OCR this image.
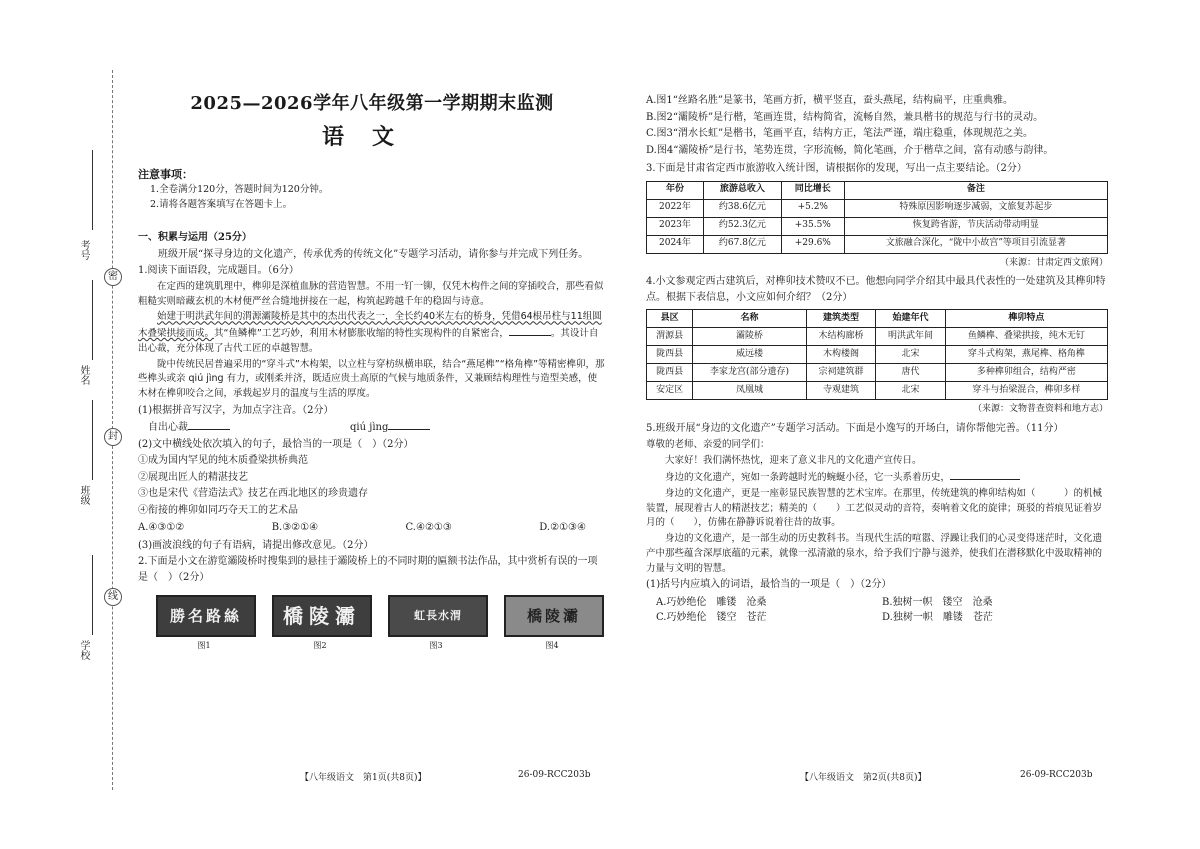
密
封
线
考号
姓名
班级
学校
2025—2026学年八年级第一学期期末监测
语文
注意事项：
1.全卷满分120分，答题时间为120分钟。
2.请将各题答案填写在答题卡上。
一、积累与运用（25分）
班级开展“探寻身边的文化遗产，传承优秀的传统文化”专题学习活动，请你参与并完成下列任务。
1.阅读下面语段，完成题目。（6分）
在定西的建筑肌理中，榫卯是深植血脉的营造智慧。不用一钉一铆，仅凭木构件之间的穿插咬合，那些看似粗糙实则暗藏玄机的木材便严丝合缝地拼接在一起，构筑起跨越千年的稳固与诗意。
始建于明洪武年间的渭源灞陵桥是其中的杰出代表之一，全长约40米左右的桥身，凭借64根吊柱与11组圆木叠梁拱接而成。其“鱼鳞榫”工艺巧妙，利用木材膨胀收缩的特性实现构件的自紧密合，	。其设计自出心裁，充分体现了古代工匠的卓越智慧。
陇中传统民居普遍采用的“穿斗式”木构架，以立柱与穿枋纵横串联，结合“燕尾榫”“格角榫”等精密榫卯，那些榫头或亲 qiú jìng 有力，或刚柔并济，既适应贵土高原的气候与地质条件，又兼顾结构理性与造型美感，使木材在榫卯咬合之间，承载起岁月的温度与生活的厚度。
(1)根据拼音写汉字，为加点字注音。（2分）
自出心裁	qiú jìng
(2)文中横线处依次填入的句子，最恰当的一项是（　）（2分）
①成为国内罕见的纯木质叠梁拱桥典范
②展现出匠人的精湛技艺
③也是宋代《营造法式》技艺在西北地区的珍贵遗存
④衔接的榫卯如同巧夺天工的艺术品
A.④③①②	B.③②①④	C.④②①③	D.②①③④
(3)画波浪线的句子有语病，请提出修改意见。（2分）
2.下面是小文在游览灞陵桥时搜集到的悬挂于灞陵桥上的不同时期的匾额书法作品，其中赏析有误的一项是（　）（2分）
勝名路絲
图1
橋陵灞
图2
虹長水渭
图3
橋陵灞
图4
【八年级语文　第1页(共8页)】	26-09-RCC203b
A.图1“丝路名胜”是篆书，笔画方折，横平竖直，蚕头燕尾，结构扁平，庄重典雅。
B.图2“灞陵桥”是行楷，笔画连贯，结构简省，流畅自然，兼具楷书的规范与行书的灵动。
C.图3“渭水长虹”是楷书，笔画平直，结构方正，笔法严谨，端庄稳重，体现规范之美。
D.图4“灞陵桥”是行书，笔势连贯，字形流畅，简化笔画，介于楷草之间，富有动感与韵律。
3.下面是甘肃省定西市旅游收入统计图，请根据你的发现，写出一点主要结论。（2分）
年份	旅游总收入	同比增长	备注
2022年	约38.6亿元	+5.2%	特殊原因影响逐步减弱，文旅复苏起步
2023年	约52.3亿元	+35.5%	恢复跨省游，节庆活动带动明显
2024年	约67.8亿元	+29.6%	文旅融合深化，“陇中小故宫”等项目引流显著
（来源：甘肃定西文旅网）
4.小文参观定西古建筑后，对榫卯技术赞叹不已。他想向同学介绍其中最具代表性的一处建筑及其榫卯特点。根据下表信息，小文应如何介绍？（2分）
县区	名称	建筑类型	始建年代	榫卯特点
渭源县	灞陵桥	木结构廊桥	明洪武年间	鱼鳞榫、叠梁拱接，纯木无钉
陇西县	威远楼	木构楼阁	北宋	穿斗式构架，燕尾榫、格角榫
陇西县	李家龙宫(部分遗存)	宗祠建筑群	唐代	多种榫卯组合，结构严密
安定区	凤凰城	寺观建筑	北宋	穿斗与抬梁混合，榫卯多样
（来源：文物普查资料和地方志）
5.班级开展“身边的文化遗产”专题学习活动。下面是小逸写的开场白，请你帮他完善。（11分）
尊敬的老师、亲爱的同学们：
大家好！我们满怀热忱，迎来了意义非凡的文化遗产宣传日。
身边的文化遗产，宛如一条跨越时光的蜿蜒小径，它一头系着历史，
身边的文化遗产，更是一座彰显民族智慧的艺术宝库。在那里，传统建筑的榫卯结构如（　　　）的机械装置，展现着古人的精湛技艺；精美的（　　）工艺似灵动的音符，奏响着文化的旋律；斑驳的苔痕见证着岁月的（　　），仿佛在静静诉说着往昔的故事。
身边的文化遗产，是一部生动的历史教科书。当现代生活的喧嚣、浮躁让我们的心灵变得迷茫时，文化遗产中那些蕴含深厚底蕴的元素，就像一泓清澈的泉水，给予我们宁静与滋养，使我们在潜移默化中汲取精神的力量与文明的智慧。
(1)括号内应填入的词语，最恰当的一项是（　）（2分）
A.巧妙绝伦　雕镂　沧桑	B.独树一帜　镂空　沧桑
C.巧妙绝伦　镂空　苍茫	D.独树一帜　雕镂　苍茫
【八年级语文　第2页(共8页)】	26-09-RCC203b
